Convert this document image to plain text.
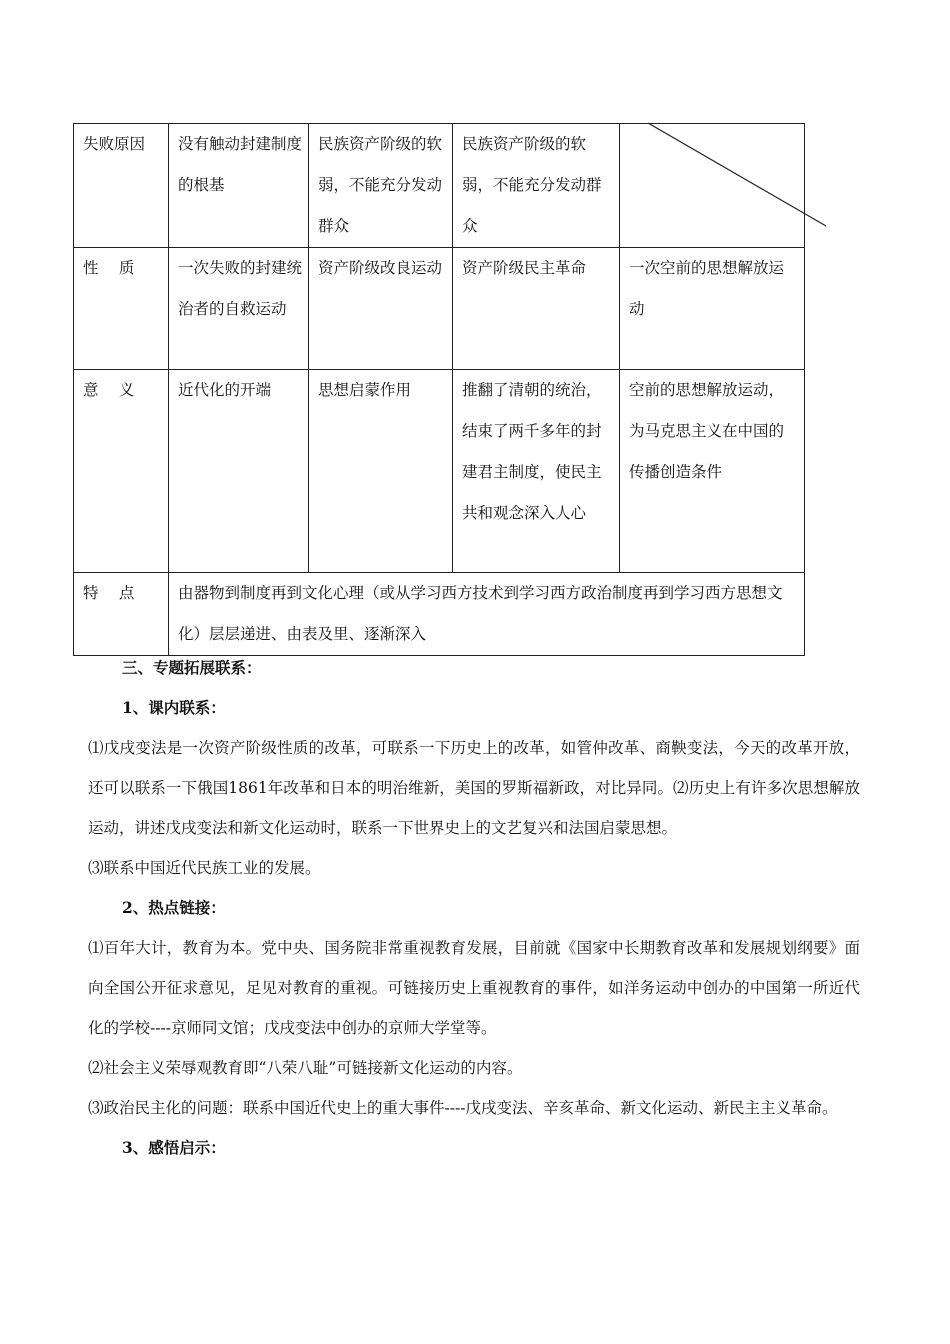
失败原因	没有触动封建制度的根基	民族资产阶级的软弱，不能充分发动群众	民族资产阶级的软弱，不能充分发动群众	
性　 质	一次失败的封建统治者的自救运动	资产阶级改良运动	资产阶级民主革命	一次空前的思想解放运动
意　 义	近代化的开端	思想启蒙作用	推翻了清朝的统治，结束了两千多年的封建君主制度，使民主共和观念深入人心	空前的思想解放运动，为马克思主义在中国的传播创造条件
特　 点	由器物到制度再到文化心理（或从学习西方技术到学习西方政治制度再到学习西方思想文化）层层递进、由表及里、逐渐深入			

三、专题拓展联系：

1、课内联系：

⑴戊戌变法是一次资产阶级性质的改革，可联系一下历史上的改革，如管仲改革、商鞅变法，今天的改革开放，还可以联系一下俄国1861年改革和日本的明治维新，美国的罗斯福新政，对比异同。⑵历史上有许多次思想解放运动，讲述戊戌变法和新文化运动时，联系一下世界史上的文艺复兴和法国启蒙思想。

⑶联系中国近代民族工业的发展。

2、热点链接：

⑴百年大计，教育为本。党中央、国务院非常重视教育发展，目前就《国家中长期教育改革和发展规划纲要》面向全国公开征求意见，足见对教育的重视。可链接历史上重视教育的事件，如洋务运动中创办的中国第一所近代化的学校----京师同文馆；戊戌变法中创办的京师大学堂等。

⑵社会主义荣辱观教育即“八荣八耻”可链接新文化运动的内容。

⑶政治民主化的问题：联系中国近代史上的重大事件----戊戌变法、辛亥革命、新文化运动、新民主主义革命。

3、感悟启示：
